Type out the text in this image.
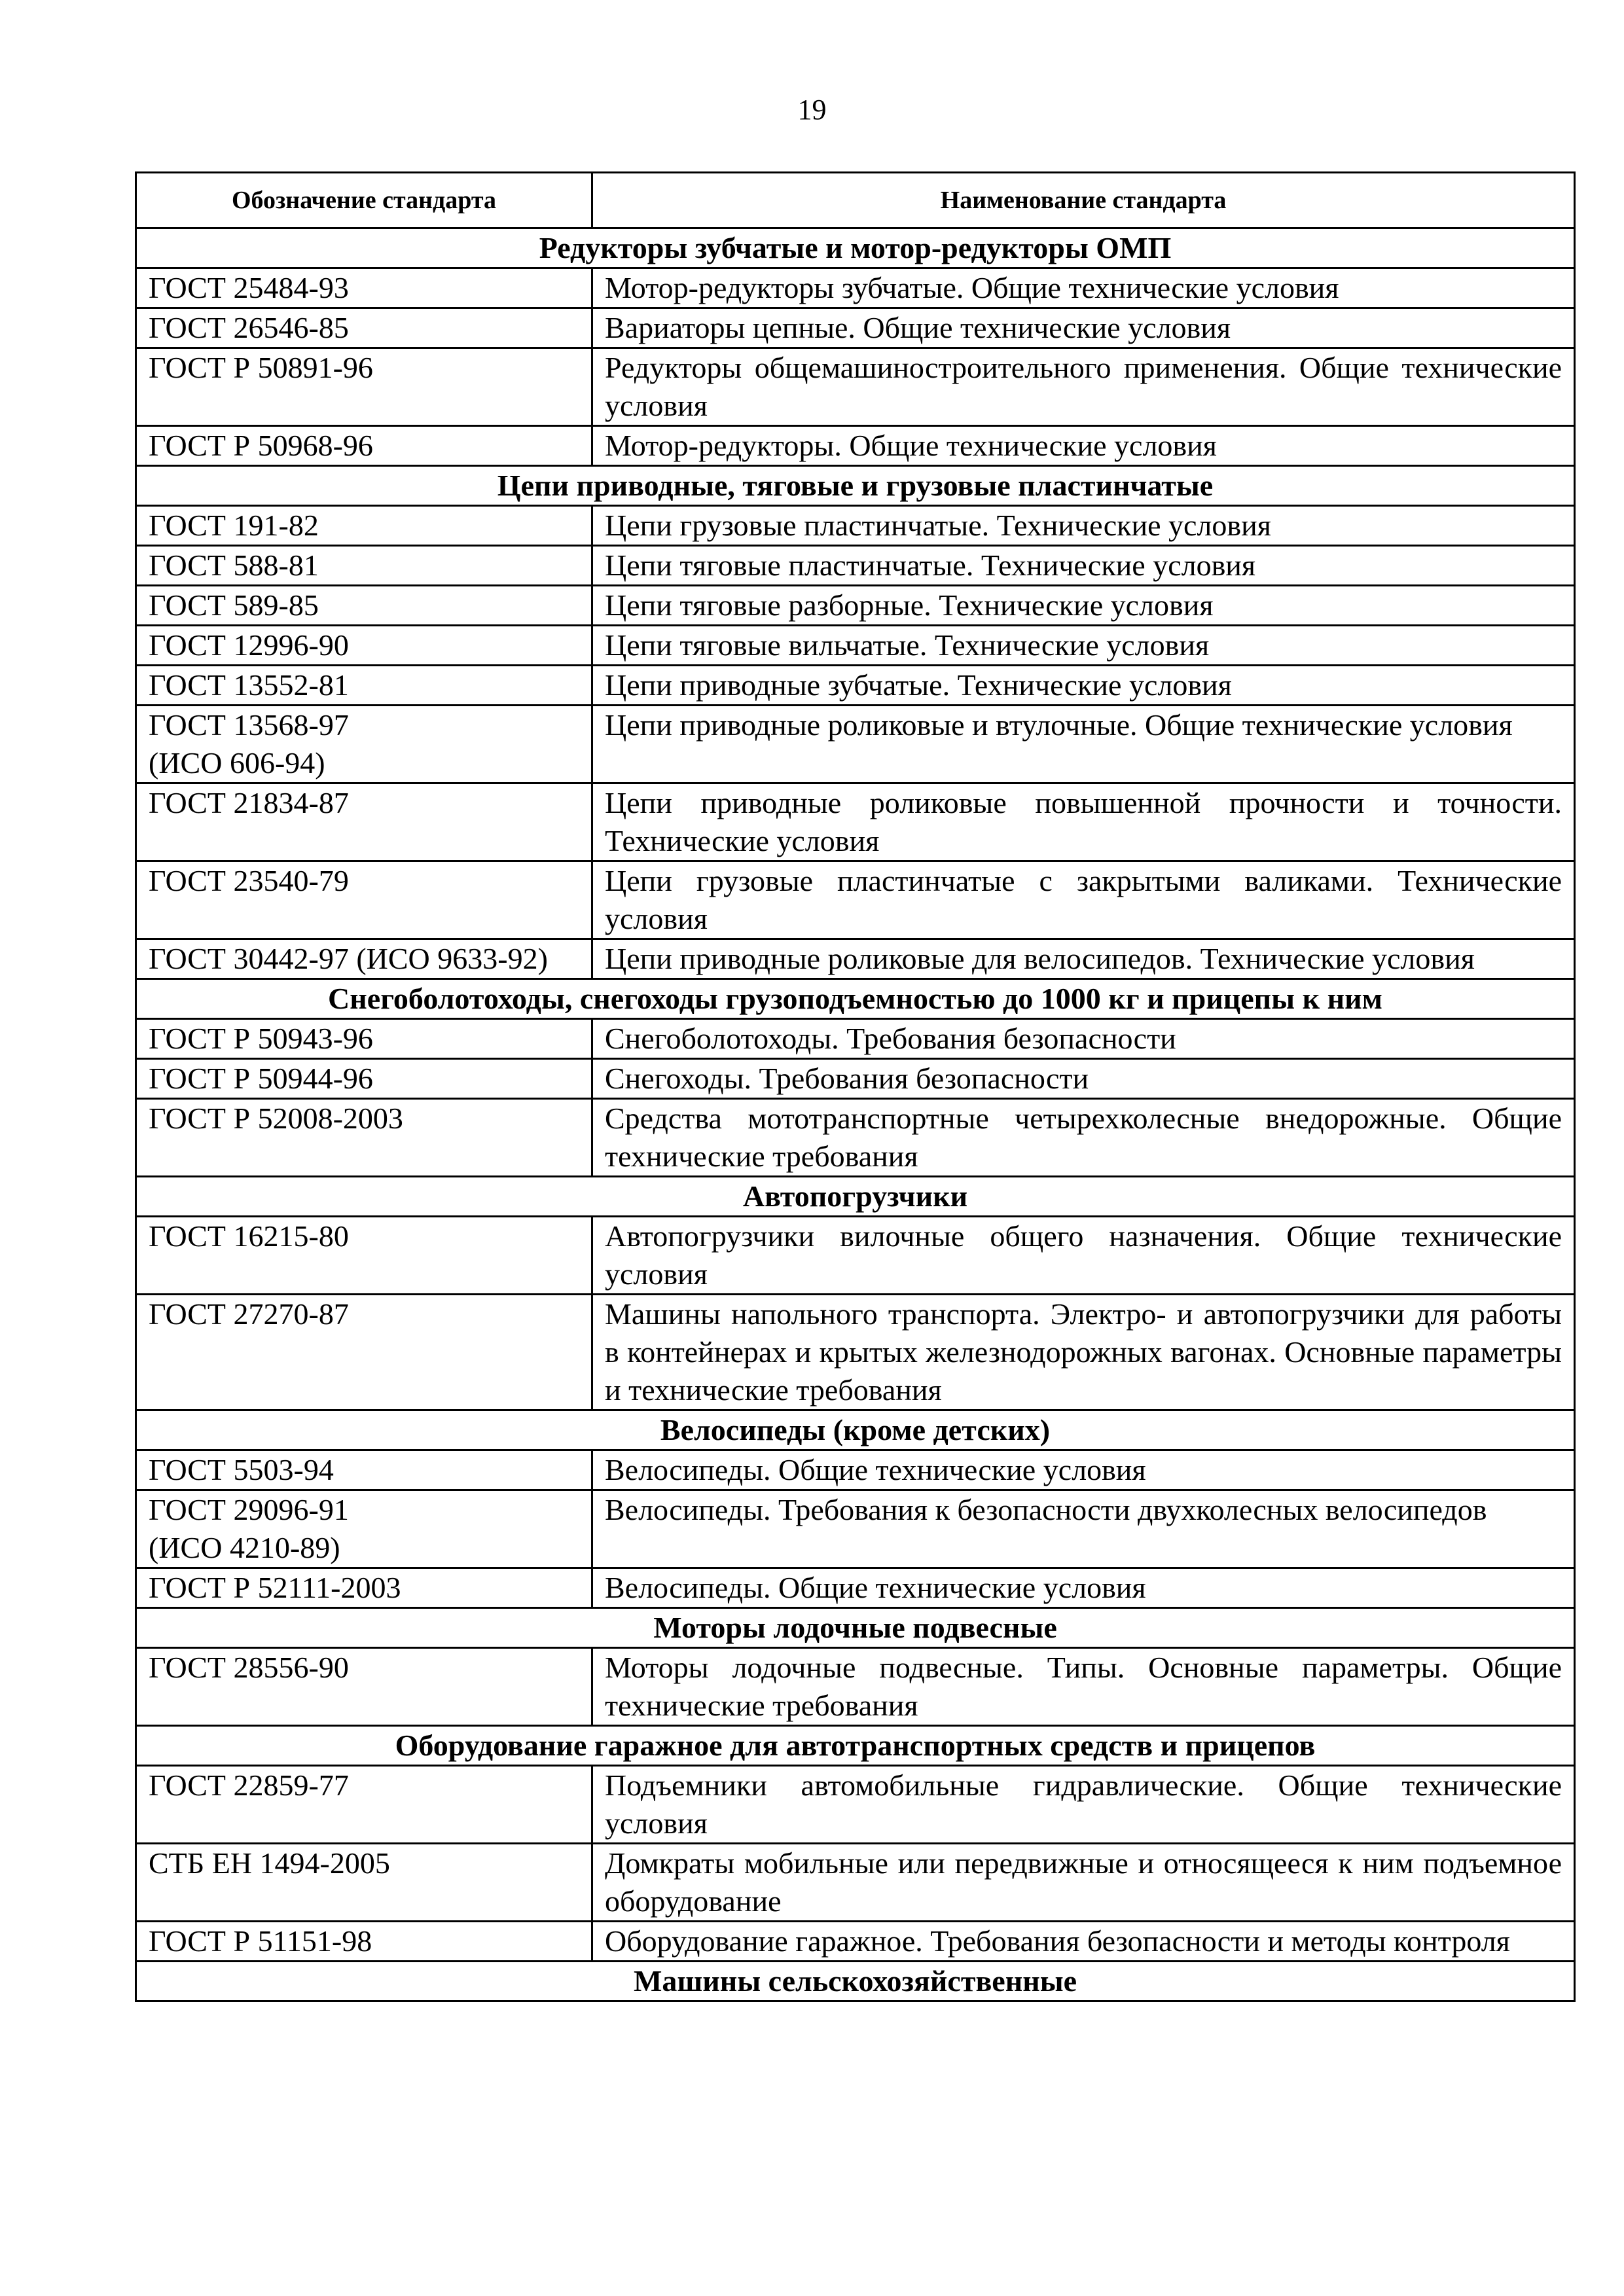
19
Обозначение стандарта	Наименование стандарта
Редукторы зубчатые и мотор-редукторы ОМП	
ГОСТ 25484-93	Мотор-редукторы зубчатые. Общие технические условия
ГОСТ 26546-85	Вариаторы цепные. Общие технические условия
ГОСТ Р 50891-96	Редукторы общемашиностроительного применения. Общие технические условия
ГОСТ Р 50968-96	Мотор-редукторы. Общие технические условия
Цепи приводные, тяговые и грузовые пластинчатые	
ГОСТ 191-82	Цепи грузовые пластинчатые. Технические условия
ГОСТ 588-81	Цепи тяговые пластинчатые. Технические условия
ГОСТ 589-85	Цепи тяговые разборные. Технические условия
ГОСТ 12996-90	Цепи тяговые вильчатые. Технические условия
ГОСТ 13552-81	Цепи приводные зубчатые. Технические условия
ГОСТ 13568-97
(ИСО 606-94)	Цепи приводные роликовые и втулочные. Общие технические условия
ГОСТ 21834-87	Цепи приводные роликовые повышенной прочности и точности. Технические условия
ГОСТ 23540-79	Цепи грузовые пластинчатые с закрытыми валиками. Технические условия
ГОСТ 30442-97 (ИСО 9633-92)	Цепи приводные роликовые для велосипедов. Технические условия
Снегоболотоходы, снегоходы грузоподъемностью до 1000 кг и прицепы к ним	
ГОСТ Р 50943-96	Снегоболотоходы. Требования безопасности
ГОСТ Р 50944-96	Снегоходы. Требования безопасности
ГОСТ Р 52008-2003	Средства мототранспортные четырехколесные внедорожные. Общие технические требования
Автопогрузчики	
ГОСТ 16215-80	Автопогрузчики вилочные общего назначения. Общие технические условия
ГОСТ 27270-87	Машины напольного транспорта. Электро- и автопогрузчики для работы в контейнерах и крытых железнодорожных вагонах. Основные параметры и технические требования
Велосипеды (кроме детских)	
ГОСТ 5503-94	Велосипеды. Общие технические условия
ГОСТ 29096-91
(ИСО 4210-89)	Велосипеды. Требования к безопасности двухколесных велосипедов
ГОСТ Р 52111-2003	Велосипеды. Общие технические условия
Моторы лодочные подвесные	
ГОСТ 28556-90	Моторы лодочные подвесные. Типы. Основные параметры. Общие технические требования
Оборудование гаражное для автотранспортных средств и прицепов	
ГОСТ 22859-77	Подъемники автомобильные гидравлические. Общие технические условия
СТБ ЕН 1494-2005	Домкраты мобильные или передвижные и относящееся к ним подъемное оборудование
ГОСТ Р 51151-98	Оборудование гаражное. Требования безопасности и методы контроля
Машины сельскохозяйственные	
